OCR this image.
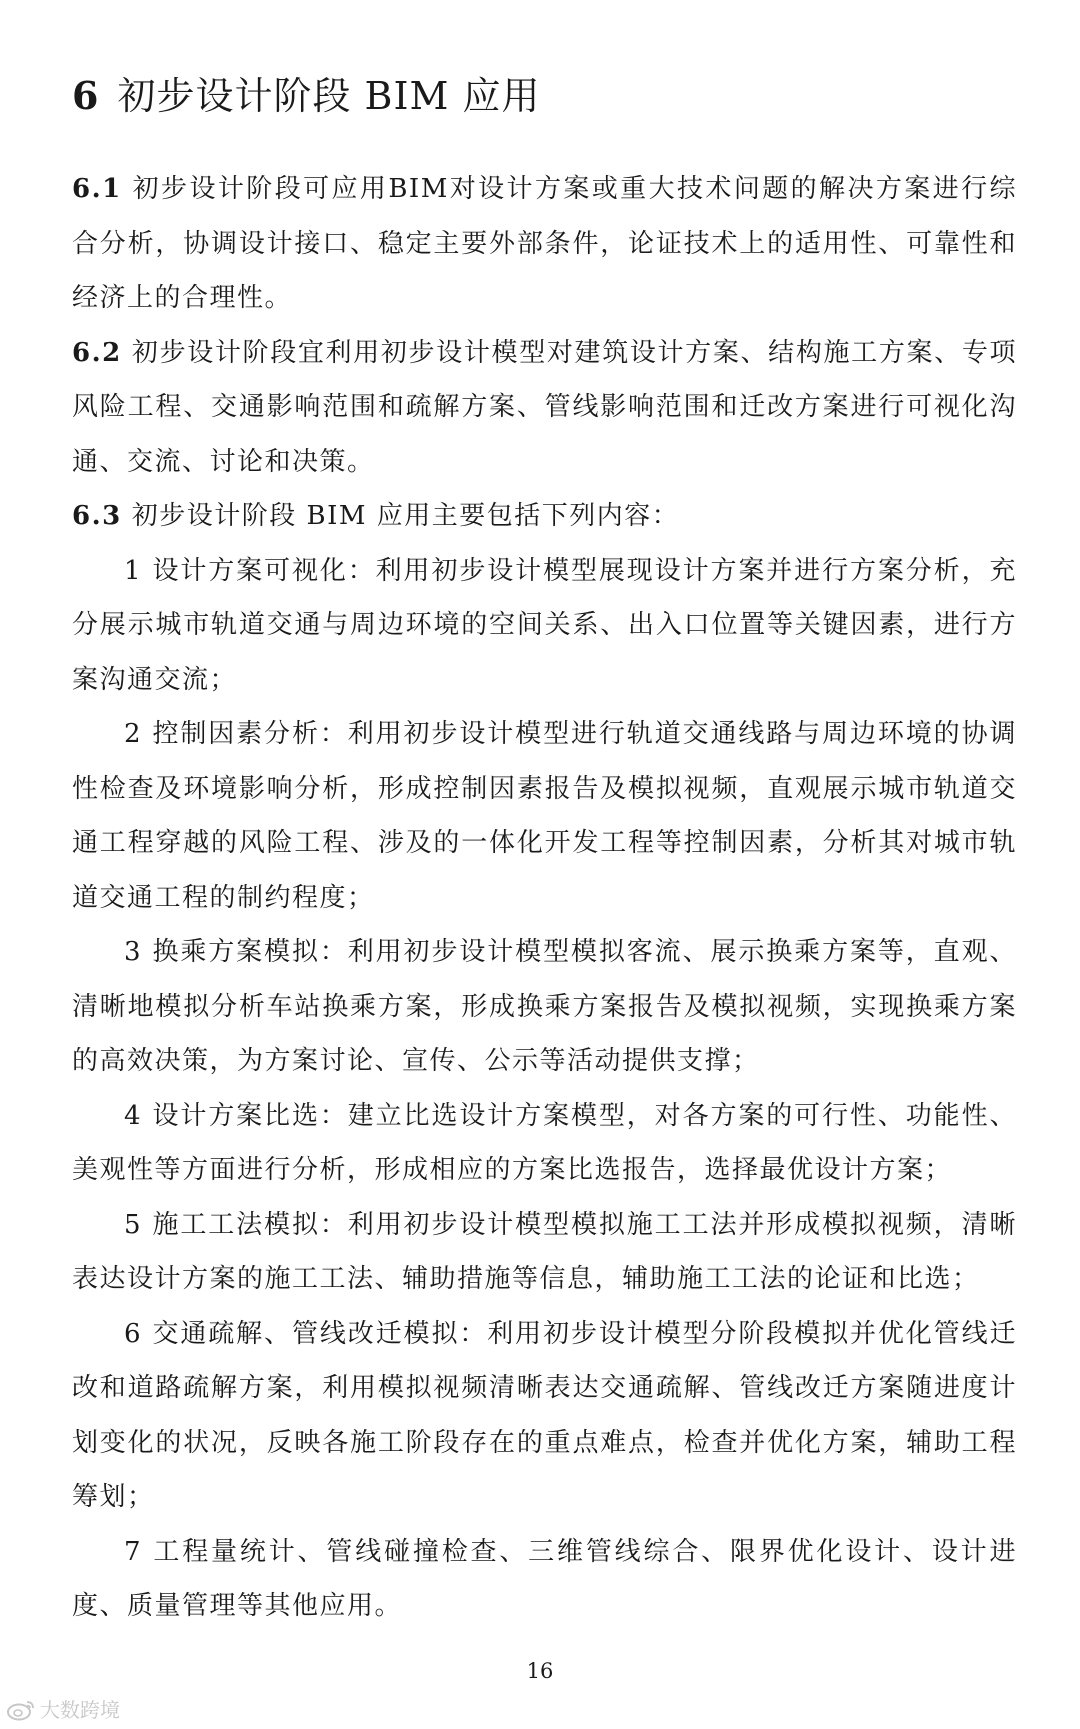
6 初步设计阶段 BIM 应用

6.1 初步设计阶段可应用BIM对设计方案或重大技术问题的解决方案进行综合分析，协调设计接口、稳定主要外部条件，论证技术上的适用性、可靠性和经济上的合理性。

6.2 初步设计阶段宜利用初步设计模型对建筑设计方案、结构施工方案、专项风险工程、交通影响范围和疏解方案、管线影响范围和迁改方案进行可视化沟通、交流、讨论和决策。

6.3 初步设计阶段 BIM 应用主要包括下列内容：

1 设计方案可视化：利用初步设计模型展现设计方案并进行方案分析，充分展示城市轨道交通与周边环境的空间关系、出入口位置等关键因素，进行方案沟通交流；

2 控制因素分析：利用初步设计模型进行轨道交通线路与周边环境的协调性检查及环境影响分析，形成控制因素报告及模拟视频，直观展示城市轨道交通工程穿越的风险工程、涉及的一体化开发工程等控制因素，分析其对城市轨道交通工程的制约程度；

3 换乘方案模拟：利用初步设计模型模拟客流、展示换乘方案等，直观、清晰地模拟分析车站换乘方案，形成换乘方案报告及模拟视频，实现换乘方案的高效决策，为方案讨论、宣传、公示等活动提供支撑；

4 设计方案比选：建立比选设计方案模型，对各方案的可行性、功能性、美观性等方面进行分析，形成相应的方案比选报告，选择最优设计方案；

5 施工工法模拟：利用初步设计模型模拟施工工法并形成模拟视频，清晰表达设计方案的施工工法、辅助措施等信息，辅助施工工法的论证和比选；

6 交通疏解、管线改迁模拟：利用初步设计模型分阶段模拟并优化管线迁改和道路疏解方案，利用模拟视频清晰表达交通疏解、管线改迁方案随进度计划变化的状况，反映各施工阶段存在的重点难点，检查并优化方案，辅助工程筹划；

7 工程量统计、管线碰撞检查、三维管线综合、限界优化设计、设计进度、质量管理等其他应用。

16
大数跨境
